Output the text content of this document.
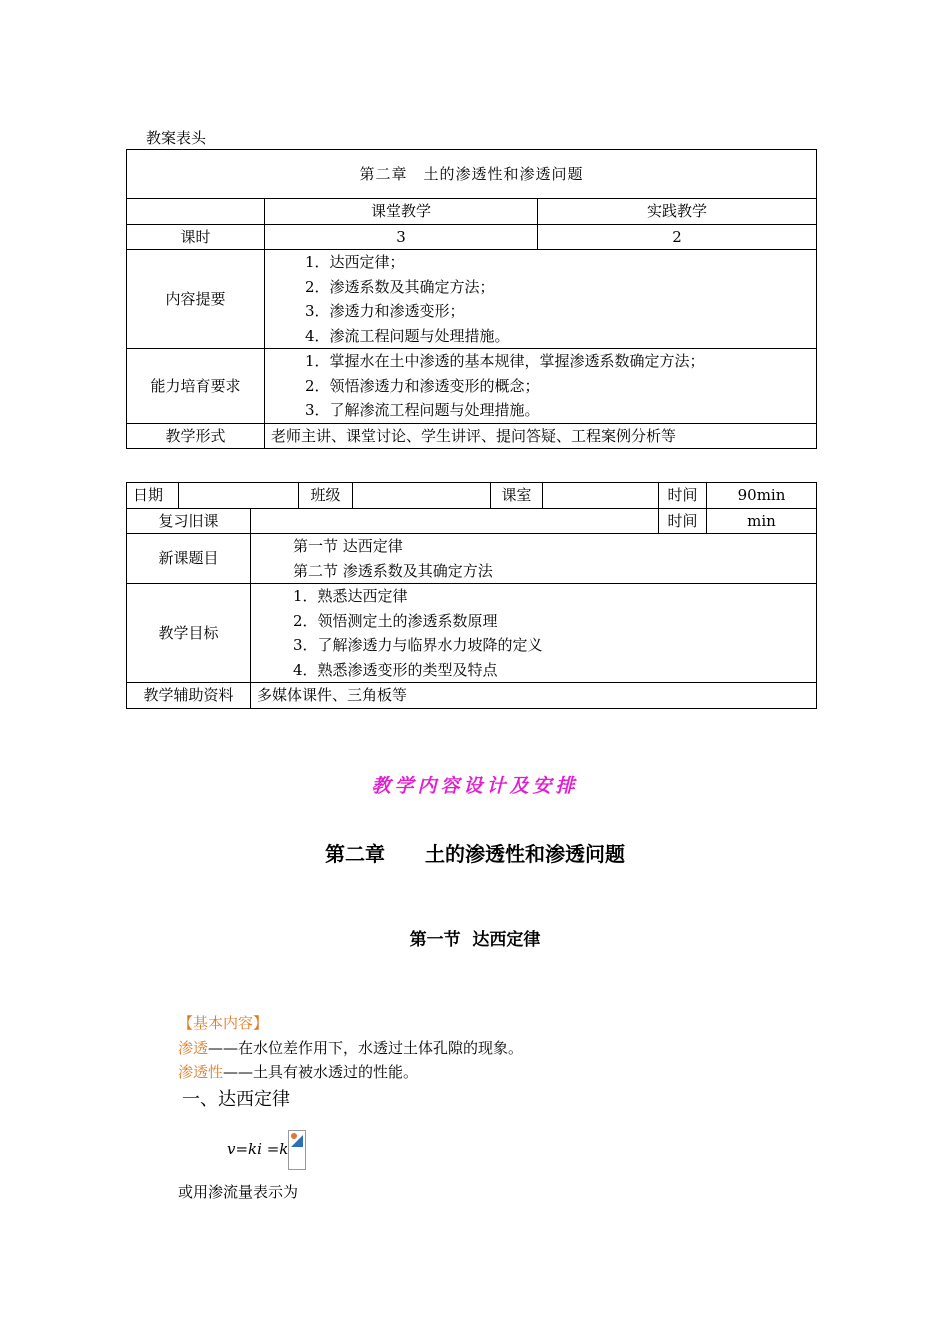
教案表头
第二章　土的渗透性和渗透问题		
	课堂教学	实践教学
课时	3	2
内容提要	1．达西定律；
2．渗透系数及其确定方法；
3．渗透力和渗透变形；
4．渗流工程问题与处理措施。	

能力培育要求	1．掌握水在土中渗透的基本规律，掌握渗透系数确定方法；
2．领悟渗透力和渗透变形的概念；
3．了解渗流工程问题与处理措施。	

教学形式	老师主讲、课堂讨论、学生讲评、提问答疑、工程案例分析等	
日期			班级		课室		时间	90min
复习旧课							时间	min
新课题目		第一节 达西定律
第二节 渗透系数及其确定方法						

教学目标		1．熟悉达西定律
2．领悟测定土的渗透系数原理
3．了解渗透力与临界水力坡降的定义
4．熟悉渗透变形的类型及特点						

教学辅助资料		多媒体课件、三角板等						
教学内容设计及安排
第二章　　土的渗透性和渗透问题
第一节  达西定律
【基本内容】
渗透——在水位差作用下，水透过土体孔隙的现象。
渗透性——土具有被水透过的性能。
一、达西定律
v=ki =k
或用渗流量表示为
